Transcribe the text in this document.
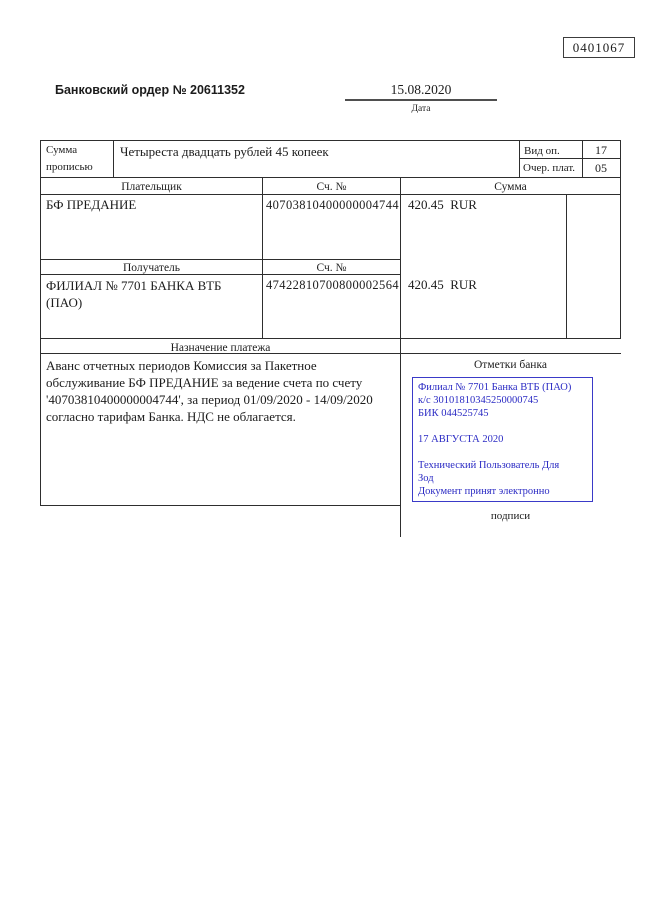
0401067
Банковский ордер № 20611352	15.08.2020
Дата
Сумма
прописью
Четыреста двадцать рублей 45 копеек	Вид оп.	17
Очер. плат.	05
Плательщик	Сч. №	Сумма
БФ ПРЕДАНИЕ	40703810400000004744 420.45  RUR
Получатель	Сч. №
ФИЛИАЛ № 7701 БАНКА ВТБ
(ПАО)
47422810700800002564 420.45  RUR
Назначение платежа
Аванс отчетных периодов Комиссия за Пакетное
обслуживание БФ ПРЕДАНИЕ за ведение счета по счету
'40703810400000004744', за период 01/09/2020 - 14/09/2020
согласно тарифам Банка. НДС не облагается.
Отметки банка
Филиал № 7701 Банка ВТБ (ПАО)
к/с 30101810345250000745
БИК 044525745
17 АВГУСТА 2020
Технический Пользователь Для
Зод
Документ принят электронно
подписи
